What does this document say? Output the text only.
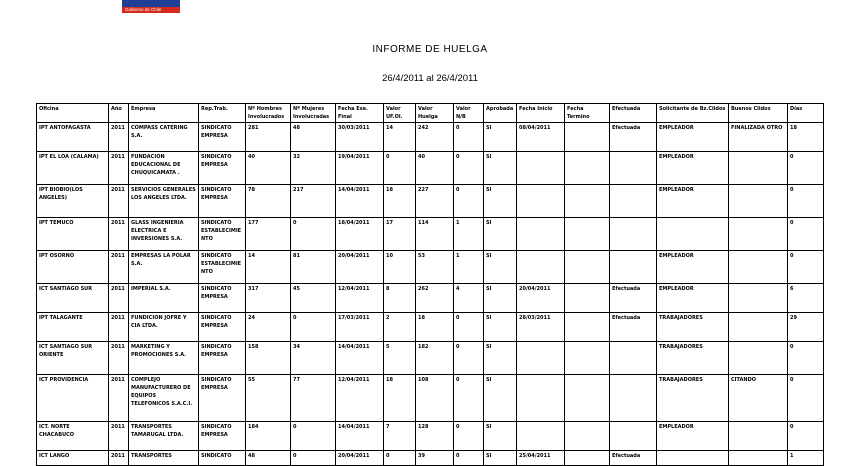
Gobierno de Chile
INFORME DE HUELGA
26/4/2011 al 26/4/2011
Oficina	Año	Empresa	Rep.Trab.	Nº Hombres Involucrados	Nº Mujeres Involucradas	Fecha Ese. Final	Valor UF.Ol.	Valor Huelga	Valor N/B	Aprobada	Fecha Inicio	Fecha Termino	Efectuada	Solicitante de Bz.Clidos	Buenos Clidos	Días
IPT ANTOFAGASTA	2011	COMPASS CATERING S.A.	SINDICATO EMPRESA	281	48	30/03/2011	14	242	0	SI	08/04/2011		Efectuada	EMPLEADOR	FINALIZADA OTRO	18
IPT EL LOA (CALAMA)	2011	FUNDACION EDUCACIONAL DE CHUQUICAMATA .	SINDICATO EMPRESA	40	32	19/04/2011	0	40	0	SI				EMPLEADOR		0
IPT BIOBIO(LOS ANGELES)	2011	SERVICIOS GENERALES LOS ANGELES LTDA.	SINDICATO EMPRESA	78	217	14/04/2011	18	227	0	SI				EMPLEADOR		0
IPT TEMUCO	2011	GLASS INGENIERIA ELECTRICA E INVERSIONES S.A.	SINDICATO ESTABLECIMIENTO	177	0	18/04/2011	17	114	1	SI						0
IPT OSORNO	2011	EMPRESAS LA POLAR S.A.	SINDICATO ESTABLECIMIENTO	14	81	20/04/2011	10	53	1	SI				EMPLEADOR		0
ICT SANTIAGO SUR	2011	IMPERIAL S.A.	SINDICATO EMPRESA	317	45	12/04/2011	8	262	4	SI	20/04/2011		Efectuada	EMPLEADOR		6
IPT TALAGANTE	2011	FUNDICION JOFRE Y CIA LTDA.	SINDICATO EMPRESA	24	0	17/03/2011	2	18	0	SI	28/03/2011		Efectuada	TRABAJADORES		29
ICT SANTIAGO SUR ORIENTE	2011	MARKETING Y PROMOCIONES S.A.	SINDICATO EMPRESA	158	34	14/04/2011	5	182	0	SI				TRABAJADORES		0
ICT PROVIDENCIA	2011	COMPLEJO MANUFACTURERO DE EQUIPOS TELEFONICOS S.A.C.I.	SINDICATO EMPRESA	55	77	12/04/2011	18	108	0	SI				TRABAJADORES	CITANDO	0
ICT. NORTE CHACABUCO	2011	TRANSPORTES TAMARUGAL LTDA.	SINDICATO EMPRESA	184	0	14/04/2011	7	128	0	SI				EMPLEADOR		0
ICT LANGO	2011	TRANSPORTES	SINDICATO	48	0	20/04/2011	0	39	0	SI	25/04/2011		Efectuada			1
